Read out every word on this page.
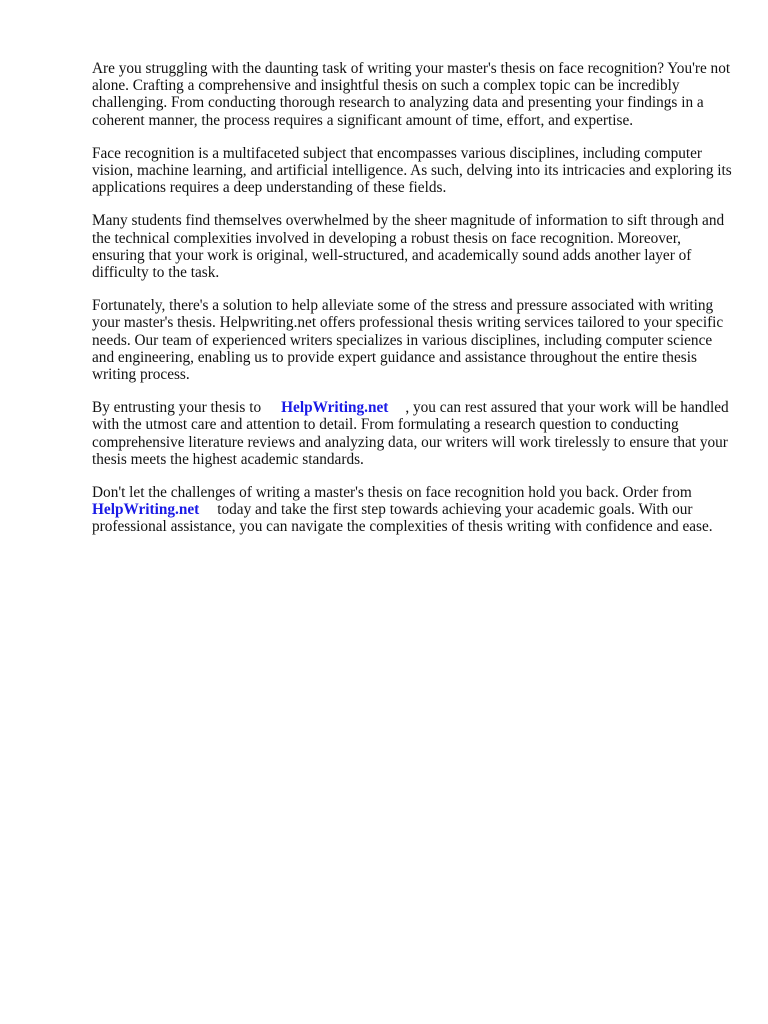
Are you struggling with the daunting task of writing your master's thesis on face recognition? You're not alone. Crafting a comprehensive and insightful thesis on such a complex topic can be incredibly challenging. From conducting thorough research to analyzing data and presenting your findings in a coherent manner, the process requires a significant amount of time, effort, and expertise.

Face recognition is a multifaceted subject that encompasses various disciplines, including computer vision, machine learning, and artificial intelligence. As such, delving into its intricacies and exploring its applications requires a deep understanding of these fields.

Many students find themselves overwhelmed by the sheer magnitude of information to sift through and the technical complexities involved in developing a robust thesis on face recognition. Moreover, ensuring that your work is original, well-structured, and academically sound adds another layer of difficulty to the task.

Fortunately, there's a solution to help alleviate some of the stress and pressure associated with writing your master's thesis. Helpwriting.net offers professional thesis writing services tailored to your specific needs. Our team of experienced writers specializes in various disciplines, including computer science and engineering, enabling us to provide expert guidance and assistance throughout the entire thesis writing process.

By entrusting your thesis to HelpWriting.net , you can rest assured that your work will be handled with the utmost care and attention to detail. From formulating a research question to conducting comprehensive literature reviews and analyzing data, our writers will work tirelessly to ensure that your thesis meets the highest academic standards.

Don't let the challenges of writing a master's thesis on face recognition hold you back. Order from HelpWriting.net today and take the first step towards achieving your academic goals. With our professional assistance, you can navigate the complexities of thesis writing with confidence and ease.
